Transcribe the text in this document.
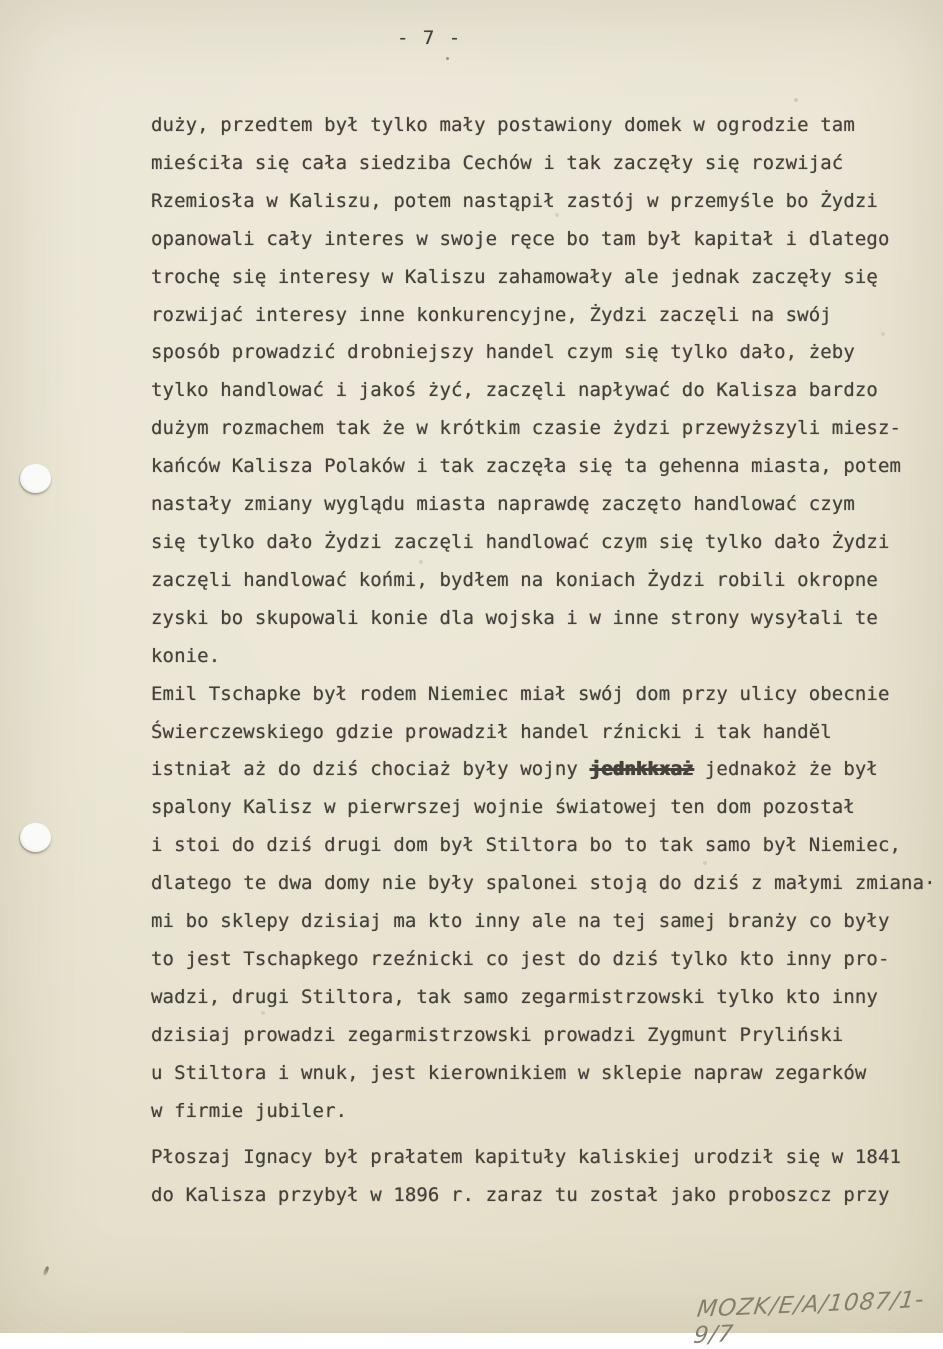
- 7 -
duży, przedtem był tylko mały postawiony domek w ogrodzie tam
mieściła się cała siedziba Cechów i tak zaczęły się rozwijać
Rzemiosła w Kaliszu, potem nastąpił zastój w przemyśle bo Żydzi
opanowali cały interes w swoje ręce bo tam był kapitał i dlatego
trochę się interesy w Kaliszu zahamowały ale jednak zaczęły się
rozwijać interesy inne konkurencyjne, Żydzi zaczęli na swój
sposób prowadzić drobniejszy handel czym się tylko dało, żeby
tylko handlować i jakoś żyć, zaczęli napływać do Kalisza bardzo
dużym rozmachem tak że w krótkim czasie żydzi przewyższyli miesz-
kańców Kalisza Polaków i tak zaczęła się ta gehenna miasta, potem
nastały zmiany wyglądu miasta naprawdę zaczęto handlować czym
się tylko dało Żydzi zaczęli handlować czym się tylko dało Żydzi
zaczęli handlować końmi, bydłem na koniach Żydzi robili okropne
zyski bo skupowali konie dla wojska i w inne strony wysyłali te
konie.
Emil Tschapke był rodem Niemiec miał swój dom przy ulicy obecnie
Świerczewskiego gdzie prowadził handel rźnicki i tak handĕl
istniał aż do dziś chociaż były wojny jednkkxaż jednakoż że był
spalony Kalisz w pierwrszej wojnie światowej ten dom pozostał
i stoi do dziś drugi dom był Stiltora bo to tak samo był Niemiec,
dlatego te dwa domy nie były spalonei stoją do dziś z małymi zmiana·
mi bo sklepy dzisiaj ma kto inny ale na tej samej branży co były
to jest Tschapkego rzeźnicki co jest do dziś tylko kto inny pro-
wadzi, drugi Stiltora, tak samo zegarmistrzowski tylko kto inny
dzisiaj prowadzi zegarmistrzowski prowadzi Zygmunt Pryliński
u Stiltora i wnuk, jest kierownikiem w sklepie napraw zegarków
w firmie jubiler.
Płoszaj Ignacy był prałatem kapituły kaliskiej urodził się w 1841
do Kalisza przybył w 1896 r. zaraz tu został jako proboszcz przy
MOZK/E/A/1087/1-9/7
